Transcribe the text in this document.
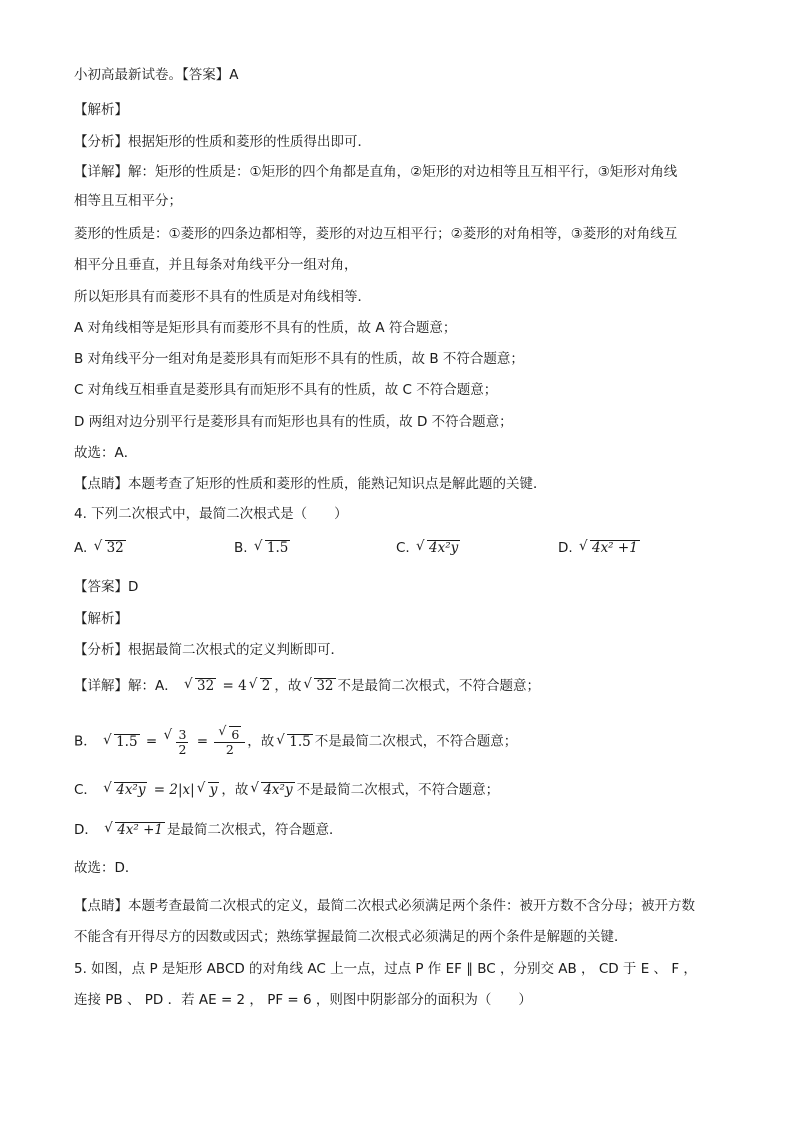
小初高最新试卷。【答案】A
【解析】
【分析】根据矩形的性质和菱形的性质得出即可．
【详解】解：矩形的性质是：①矩形的四个角都是直角，②矩形的对边相等且互相平行，③矩形对角线
相等且互相平分；
菱形的性质是：①菱形的四条边都相等，菱形的对边互相平行；②菱形的对角相等，③菱形的对角线互
相平分且垂直，并且每条对角线平分一组对角，
所以矩形具有而菱形不具有的性质是对角线相等．
A 对角线相等是矩形具有而菱形不具有的性质，故 A 符合题意；
B 对角线平分一组对角是菱形具有而矩形不具有的性质，故 B 不符合题意；
C 对角线互相垂直是菱形具有而矩形不具有的性质，故 C 不符合题意；
D 两组对边分别平行是菱形具有而矩形也具有的性质，故 D 不符合题意；
故选：A．
【点睛】本题考查了矩形的性质和菱形的性质，能熟记知识点是解此题的关键．
4. 下列二次根式中，最简二次根式是（　　）
A. √ 32	B. √ 1.5	C. √ 4x²y	D. √ 4x² +1
【答案】D
【解析】
【分析】根据最简二次根式的定义判断即可．
【详解】解：A． √ 32 = 4 √ 2 ，故 √ 32 不是最简二次根式，不符合题意；
B． √ 1.5 = √ $\frac{3}{2}$ = √ $\frac{6}{2}$ ，故 √ 1.5 不是最简二次根式，不符合题意；
C． √ 4x²y = 2|x| √ y ，故 √ 4x²y 不是最简二次根式，不符合题意；
D． √ 4x² +1 是最简二次根式，符合题意．
故选：D．
【点睛】本题考查最简二次根式的定义，最简二次根式必须满足两个条件：被开方数不含分母；被开方数
不能含有开得尽方的因数或因式；熟练掌握最简二次根式必须满足的两个条件是解题的关键．
5. 如图，点 P 是矩形 ABCD 的对角线 AC 上一点，过点 P 作 EF ∥ BC ，分别交 AB ， CD 于 E 、 F ，
连接 PB 、 PD ．若 AE = 2 ， PF = 6 ，则图中阴影部分的面积为（　　）
